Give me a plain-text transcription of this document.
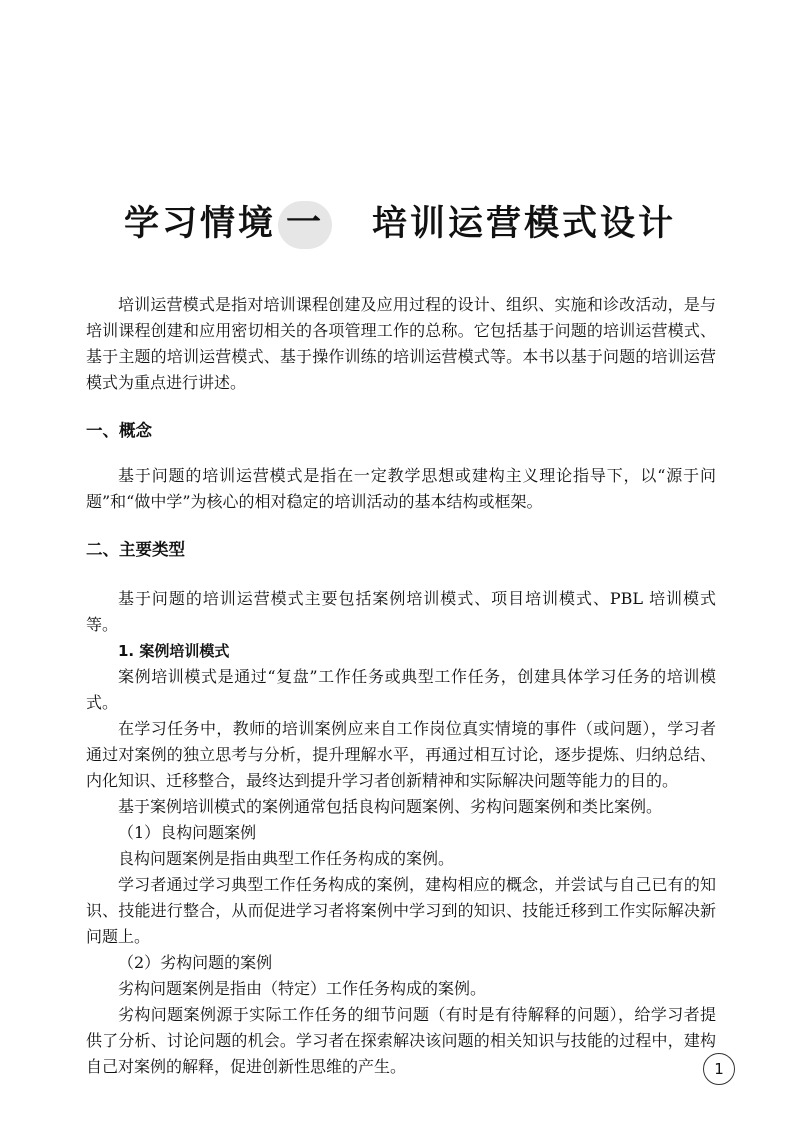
学习情境 一 培训运营模式设计

培训运营模式是指对培训课程创建及应用过程的设计、组织、实施和诊改活动，是与培训课程创建和应用密切相关的各项管理工作的总称。它包括基于问题的培训运营模式、基于主题的培训运营模式、基于操作训练的培训运营模式等。本书以基于问题的培训运营模式为重点进行讲述。

一、概念

基于问题的培训运营模式是指在一定教学思想或建构主义理论指导下，以“源于问题”和“做中学”为核心的相对稳定的培训活动的基本结构或框架。

二、主要类型

基于问题的培训运营模式主要包括案例培训模式、项目培训模式、PBL 培训模式等。

1. 案例培训模式

案例培训模式是通过“复盘”工作任务或典型工作任务，创建具体学习任务的培训模式。

在学习任务中，教师的培训案例应来自工作岗位真实情境的事件（或问题），学习者通过对案例的独立思考与分析，提升理解水平，再通过相互讨论，逐步提炼、归纳总结、内化知识、迁移整合，最终达到提升学习者创新精神和实际解决问题等能力的目的。

基于案例培训模式的案例通常包括良构问题案例、劣构问题案例和类比案例。

（1）良构问题案例

良构问题案例是指由典型工作任务构成的案例。

学习者通过学习典型工作任务构成的案例，建构相应的概念，并尝试与自己已有的知识、技能进行整合，从而促进学习者将案例中学习到的知识、技能迁移到工作实际解决新问题上。

（2）劣构问题的案例

劣构问题案例是指由（特定）工作任务构成的案例。

劣构问题案例源于实际工作任务的细节问题（有时是有待解释的问题），给学习者提供了分析、讨论问题的机会。学习者在探索解决该问题的相关知识与技能的过程中，建构自己对案例的解释，促进创新性思维的产生。	1
